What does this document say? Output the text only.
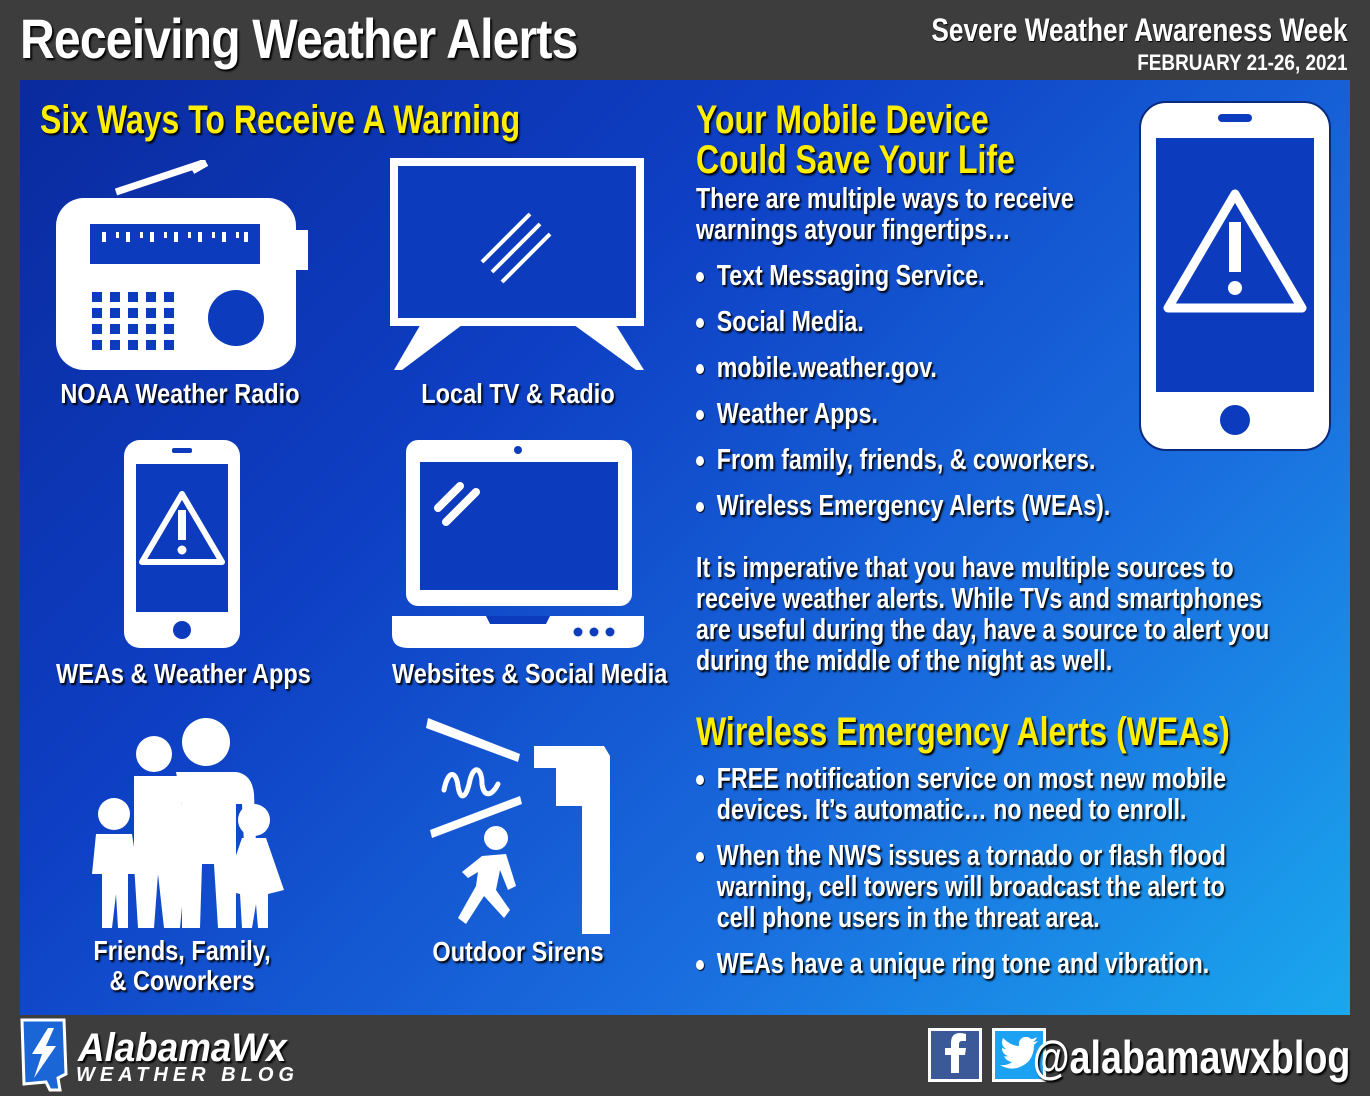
Receiving Weather Alerts	Severe Weather Awareness Week
FEBRUARY 21-26, 2021
Six Ways To Receive A Warning
NOAA Weather Radio	Local TV & Radio
WEAs & Weather Apps	Websites & Social Media
Friends, Family,
& Coworkers
Outdoor Sirens
Your Mobile Device
Could Save Your Life
There are multiple ways to receive
warnings atyour fingertips…
Text Messaging Service.
Social Media.
mobile.weather.gov.
Weather Apps.
From family, friends, & coworkers.
Wireless Emergency Alerts (WEAs).
It is imperative that you have multiple sources to
receive weather alerts. While TVs and smartphones
are useful during the day, have a source to alert you
during the middle of the night as well.
Wireless Emergency Alerts (WEAs)
FREE notification service on most new mobile
devices. It’s automatic… no need to enroll.
When the NWS issues a tornado or flash flood
warning, cell towers will broadcast the alert to
cell phone users in the threat area.
WEAs have a unique ring tone and vibration.
AlabamaWx
WEATHER BLOG	@alabamawxblog
